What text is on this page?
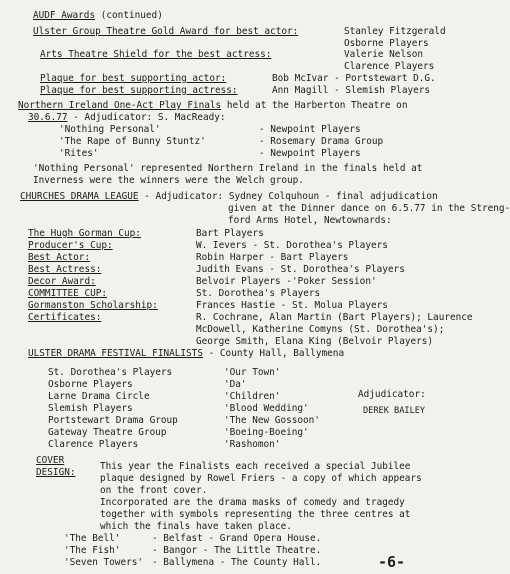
AUDF Awards (continued)
Ulster Group Theatre Gold Award for best actor:	Stanley Fitzgerald
Osborne Players
Arts Theatre Shield for the best actress:	Valerie Nelson
Clarence Players
Plaque for best supporting actor:	Bob McIvar - Portstewart D.G.
Plaque for best supporting actress:	Ann Magill - Slemish Players
Northern Ireland One-Act Play Finals held at the Harberton Theatre on
30.6.77 - Adjudicator: S. MacReady:
'Nothing Personal'	- Newpoint Players
'The Rape of Bunny Stuntz'	- Rosemary Drama Group
'Rites'	- Newpoint Players
'Nothing Personal' represented Northern Ireland in the finals held at
Inverness were the winners were the Welch group.
CHURCHES DRAMA LEAGUE - Adjudicator: Sydney Colquhoun - final adjudication
given at the Dinner dance on 6.5.77 in the Streng-
ford Arms Hotel, Newtownards:
The Hugh Gorman Cup:	Bart Players
Producer's Cup:	W. Ievers - St. Dorothea's Players
Best Actor:	Robin Harper - Bart Players
Best Actress:	Judith Evans - St. Dorothea's Players
Decor Award:	Belvoir Players -'Poker Session'
COMMITTEE CUP:	St. Dorothea's Players
Gormanston Scholarship:	Frances Hastie - St. Molua Players
Certificates:	R. Cochrane, Alan Martin (Bart Players); Laurence
McDowell, Katherine Comyns (St. Dorothea's);
George Smith, Elana King (Belvoir Players)
ULSTER DRAMA FESTIVAL FINALISTS - County Hall, Ballymena
St. Dorothea's Players	'Our Town'
Osborne Players	'Da'
Larne Drama Circle	'Children'
Slemish Players	'Blood Wedding'
Portstewart Drama Group	'The New Gossoon'
Gateway Theatre Group	'Boeing-Boeing'
Clarence Players	'Rashomon'
Adjudicator:
DEREK BAILEY
COVER
DESIGN:
This year the Finalists each received a special Jubilee
plaque designed by Rowel Friers - a copy of which appears
on the front cover.
Incorporated are the drama masks of comedy and tragedy
together with symbols representing the three centres at
which the finals have taken place.
'The Bell'	- Belfast - Grand Opera House.
'The Fish'	- Bangor - The Little Theatre.
'Seven Towers' - Ballymena - The County Hall.	-6-
